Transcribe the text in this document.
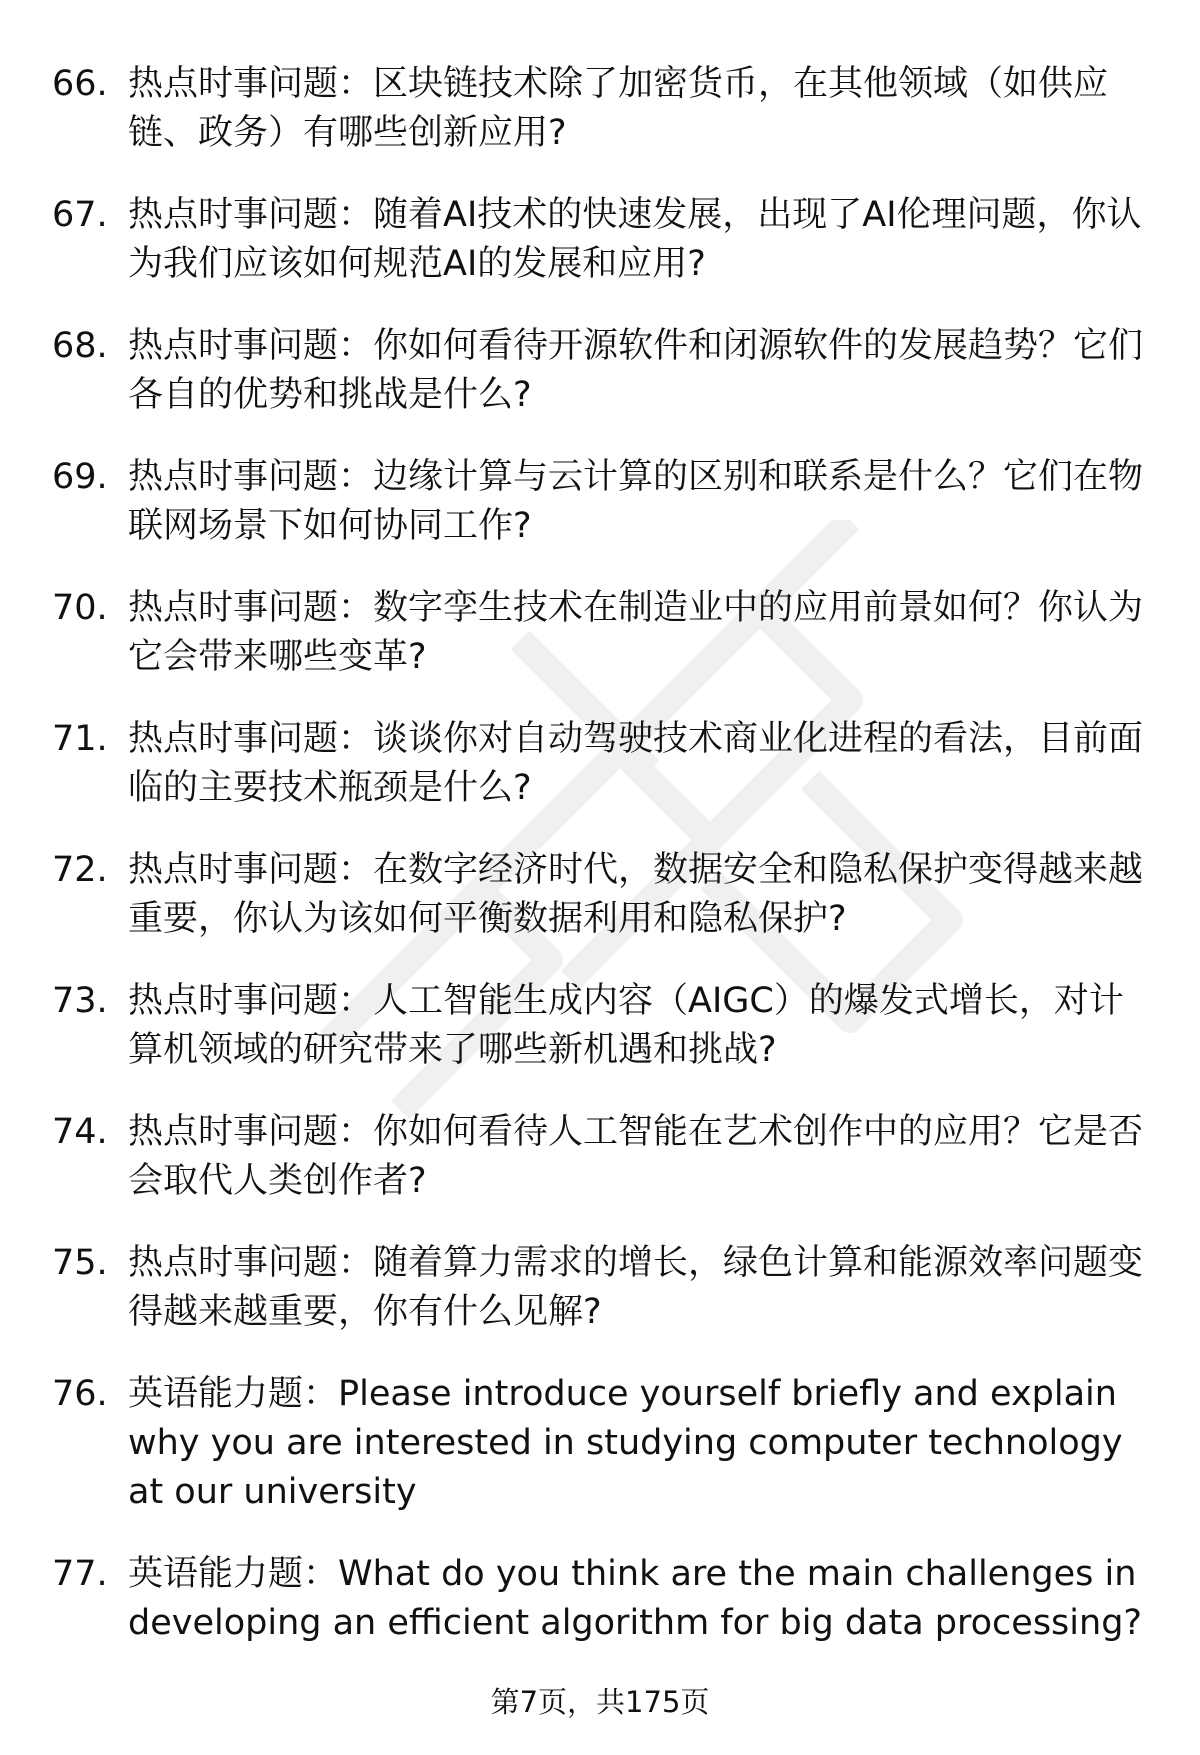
66. 热点时事问题：区块链技术除了加密货币，在其他领域（如供应链、政务）有哪些创新应用?
67. 热点时事问题：随着AI技术的快速发展，出现了AI伦理问题，你认为我们应该如何规范AI的发展和应用?
68. 热点时事问题：你如何看待开源软件和闭源软件的发展趋势？它们各自的优势和挑战是什么?
69. 热点时事问题：边缘计算与云计算的区别和联系是什么？它们在物联网场景下如何协同工作?
70. 热点时事问题：数字孪生技术在制造业中的应用前景如何？你认为它会带来哪些变革?
71. 热点时事问题：谈谈你对自动驾驶技术商业化进程的看法，目前面临的主要技术瓶颈是什么?
72. 热点时事问题：在数字经济时代，数据安全和隐私保护变得越来越重要，你认为该如何平衡数据利用和隐私保护?
73. 热点时事问题：人工智能生成内容（AIGC）的爆发式增长，对计算机领域的研究带来了哪些新机遇和挑战?
74. 热点时事问题：你如何看待人工智能在艺术创作中的应用？它是否会取代人类创作者?
75. 热点时事问题：随着算力需求的增长，绿色计算和能源效率问题变得越来越重要，你有什么见解?
76. 英语能力题：Please introduce yourself briefly and explain why you are interested in studying computer technology at our university
77. 英语能力题：What do you think are the main challenges in developing an efficient algorithm for big data processing?
第7页，共175页
